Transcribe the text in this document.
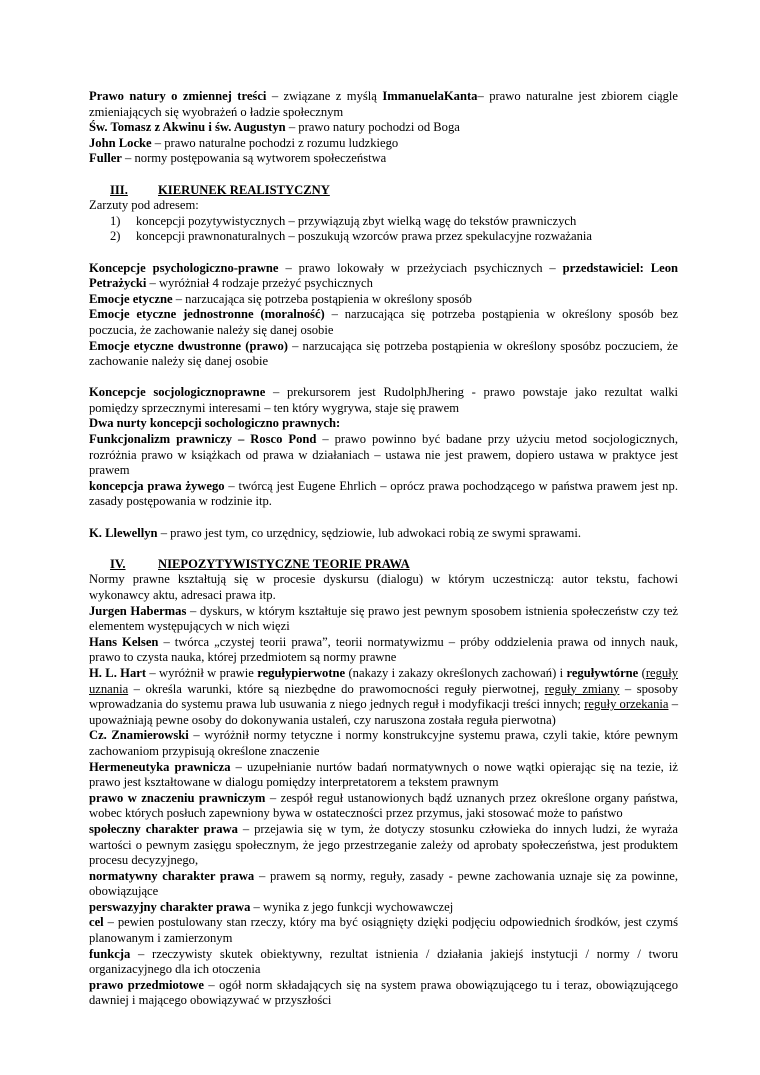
Prawo natury o zmiennej treści – związane z myślą ImmanuelaKanta– prawo naturalne jest zbiorem ciągle zmieniających się wyobrażeń o ładzie społecznym

Św. Tomasz z Akwinu i św. Augustyn – prawo natury pochodzi od Boga

John Locke – prawo naturalne pochodzi z rozumu ludzkiego

Fuller – normy postępowania są wytworem społeczeństwa

III.	KIERUNEK REALISTYCZNY

Zarzuty pod adresem:

1)	koncepcji pozytywistycznych – przywiązują zbyt wielką wagę do tekstów prawniczych
2)	koncepcji prawnonaturalnych – poszukują wzorców prawa przez spekulacyjne rozważania

Koncepcje psychologiczno-prawne – prawo lokowały w przeżyciach psychicznych – przedstawiciel: Leon Petrażycki – wyróżniał 4 rodzaje przeżyć psychicznych

Emocje etyczne – narzucająca się potrzeba postąpienia w określony sposób

Emocje etyczne jednostronne (moralność) – narzucająca się potrzeba postąpienia w określony sposób bez poczucia, że zachowanie należy się danej osobie

Emocje etyczne dwustronne (prawo) – narzucająca się potrzeba postąpienia w określony sposóbz poczuciem, że zachowanie należy się danej osobie

Koncepcje socjologicznoprawne – prekursorem jest RudolphJhering - prawo powstaje jako rezultat walki pomiędzy sprzecznymi interesami – ten który wygrywa, staje się prawem

Dwa nurty koncepcji sochologiczno prawnych:

Funkcjonalizm prawniczy – Rosco Pond – prawo powinno być badane przy użyciu metod socjologicznych, rozróżnia prawo w książkach od prawa w działaniach – ustawa nie jest prawem, dopiero ustawa w praktyce jest prawem

koncepcja prawa żywego – twórcą jest Eugene Ehrlich – oprócz prawa pochodzącego w państwa prawem jest np. zasady postępowania w rodzinie itp.

K. Llewellyn – prawo jest tym, co urzędnicy, sędziowie, lub adwokaci robią ze swymi sprawami.

IV.	NIEPOZYTYWISTYCZNE TEORIE PRAWA

Normy prawne kształtują się w procesie dyskursu (dialogu) w którym uczestniczą: autor tekstu, fachowi wykonawcy aktu, adresaci prawa itp.

Jurgen Habermas – dyskurs, w którym kształtuje się prawo jest pewnym sposobem istnienia społeczeństw czy też elementem występujących w nich więzi

Hans Kelsen – twórca „czystej teorii prawa”, teorii normatywizmu – próby oddzielenia prawa od innych nauk, prawo to czysta nauka, której przedmiotem są normy prawne

H. L. Hart – wyróżnił w prawie regułypierwotne (nakazy i zakazy określonych zachowań) i reguływtórne (reguły uznania – określa warunki, które są niezbędne do prawomocności reguły pierwotnej, reguły zmiany – sposoby wprowadzania do systemu prawa lub usuwania z niego jednych reguł i modyfikacji treści innych; reguły orzekania – upoważniają pewne osoby do dokonywania ustaleń, czy naruszona została reguła pierwotna)

Cz. Znamierowski – wyróżnił normy tetyczne i normy konstrukcyjne systemu prawa, czyli takie, które pewnym zachowaniom przypisują określone znaczenie

Hermeneutyka prawnicza – uzupełnianie nurtów badań normatywnych o nowe wątki opierając się na tezie, iż prawo jest kształtowane w dialogu pomiędzy interpretatorem a tekstem prawnym

prawo w znaczeniu prawniczym – zespół reguł ustanowionych bądź uznanych przez określone organy państwa, wobec których posłuch zapewniony bywa w ostateczności przez przymus, jaki stosować może to państwo

społeczny charakter prawa – przejawia się w tym, że dotyczy stosunku człowieka do innych ludzi, że wyraża wartości o pewnym zasięgu społecznym, że jego przestrzeganie zależy od aprobaty społeczeństwa, jest produktem procesu decyzyjnego,

normatywny charakter prawa – prawem są normy, reguły, zasady - pewne zachowania uznaje się za powinne, obowiązujące

perswazyjny charakter prawa – wynika z jego funkcji wychowawczej

cel – pewien postulowany stan rzeczy, który ma być osiągnięty dzięki podjęciu odpowiednich środków, jest czymś planowanym i zamierzonym

funkcja – rzeczywisty skutek obiektywny, rezultat istnienia / działania jakiejś instytucji / normy / tworu organizacyjnego dla ich otoczenia

prawo przedmiotowe – ogół norm składających się na system prawa obowiązującego tu i teraz, obowiązującego dawniej i mającego obowiązywać w przyszłości
